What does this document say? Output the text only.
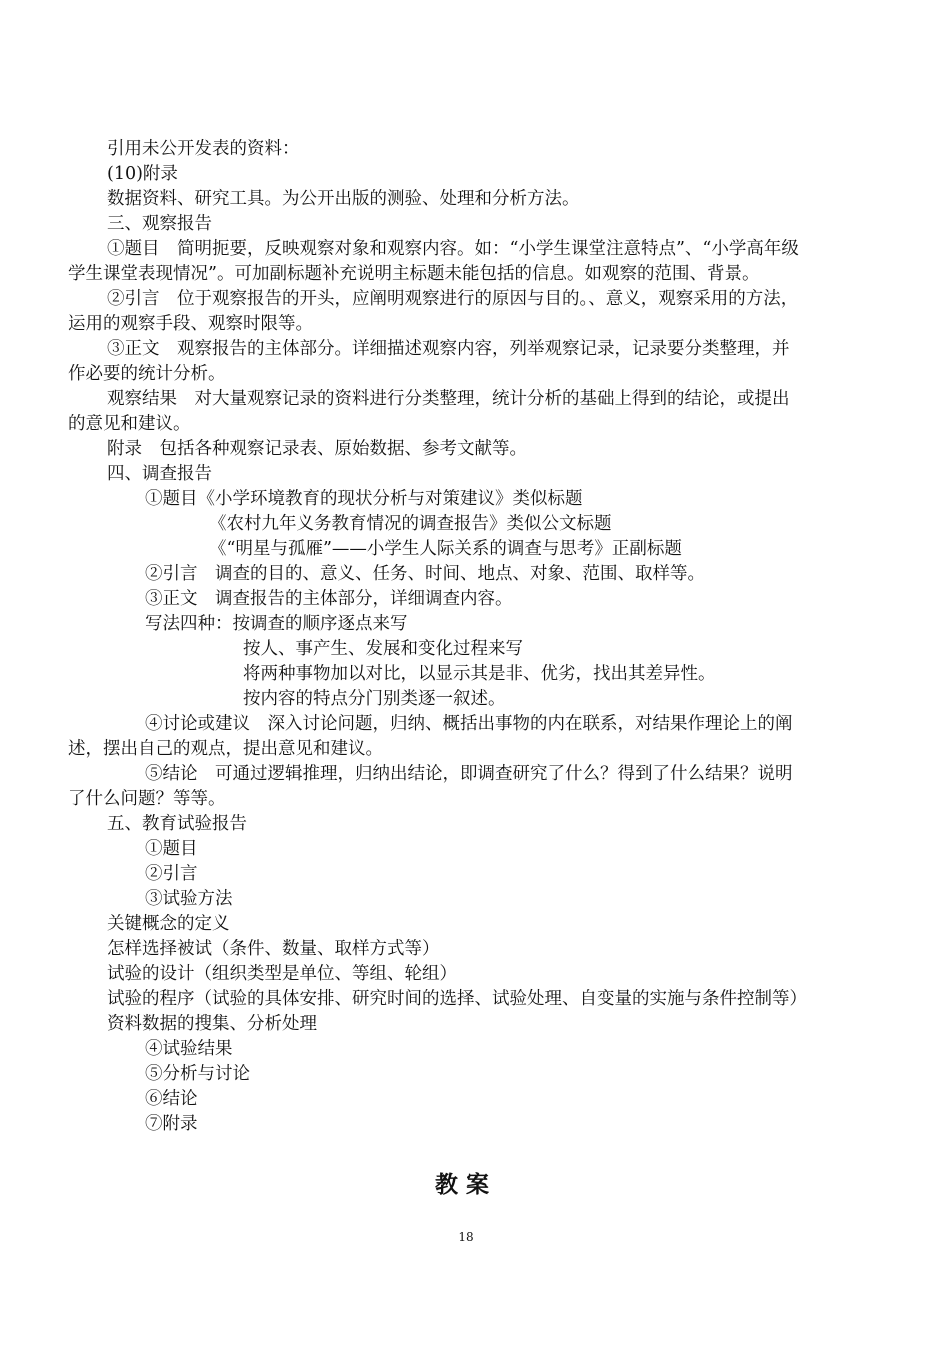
引用未公开发表的资料：
(10)附录
数据资料、研究工具。为公开出版的测验、处理和分析方法。
三、观察报告
①题目　简明扼要，反映观察对象和观察内容。如：“小学生课堂注意特点”、“小学高年级
学生课堂表现情况”。可加副标题补充说明主标题未能包括的信息。如观察的范围、背景。
②引言　位于观察报告的开头，应阐明观察进行的原因与目的。、意义，观察采用的方法，
运用的观察手段、观察时限等。
③正文　观察报告的主体部分。详细描述观察内容，列举观察记录，记录要分类整理，并
作必要的统计分析。
观察结果　对大量观察记录的资料进行分类整理，统计分析的基础上得到的结论，或提出
的意见和建议。
附录　包括各种观察记录表、原始数据、参考文献等。
四、调查报告
①题目《小学环境教育的现状分析与对策建议》类似标题
《农村九年义务教育情况的调查报告》类似公文标题
《“明星与孤雁”——小学生人际关系的调查与思考》正副标题
②引言　调查的目的、意义、任务、时间、地点、对象、范围、取样等。
③正文　调查报告的主体部分，详细调查内容。
写法四种：按调查的顺序逐点来写
按人、事产生、发展和变化过程来写
将两种事物加以对比，以显示其是非、优劣，找出其差异性。
按内容的特点分门别类逐一叙述。
④讨论或建议　深入讨论问题，归纳、概括出事物的内在联系，对结果作理论上的阐
述，摆出自己的观点，提出意见和建议。
⑤结论　可通过逻辑推理，归纳出结论，即调查研究了什么？得到了什么结果？说明
了什么问题？等等。
五、教育试验报告
①题目
②引言
③试验方法
关键概念的定义
怎样选择被试（条件、数量、取样方式等）
试验的设计（组织类型是单位、等组、轮组）
试验的程序（试验的具体安排、研究时间的选择、试验处理、自变量的实施与条件控制等）
资料数据的搜集、分析处理
④试验结果
⑤分析与讨论
⑥结论
⑦附录
教案
18
